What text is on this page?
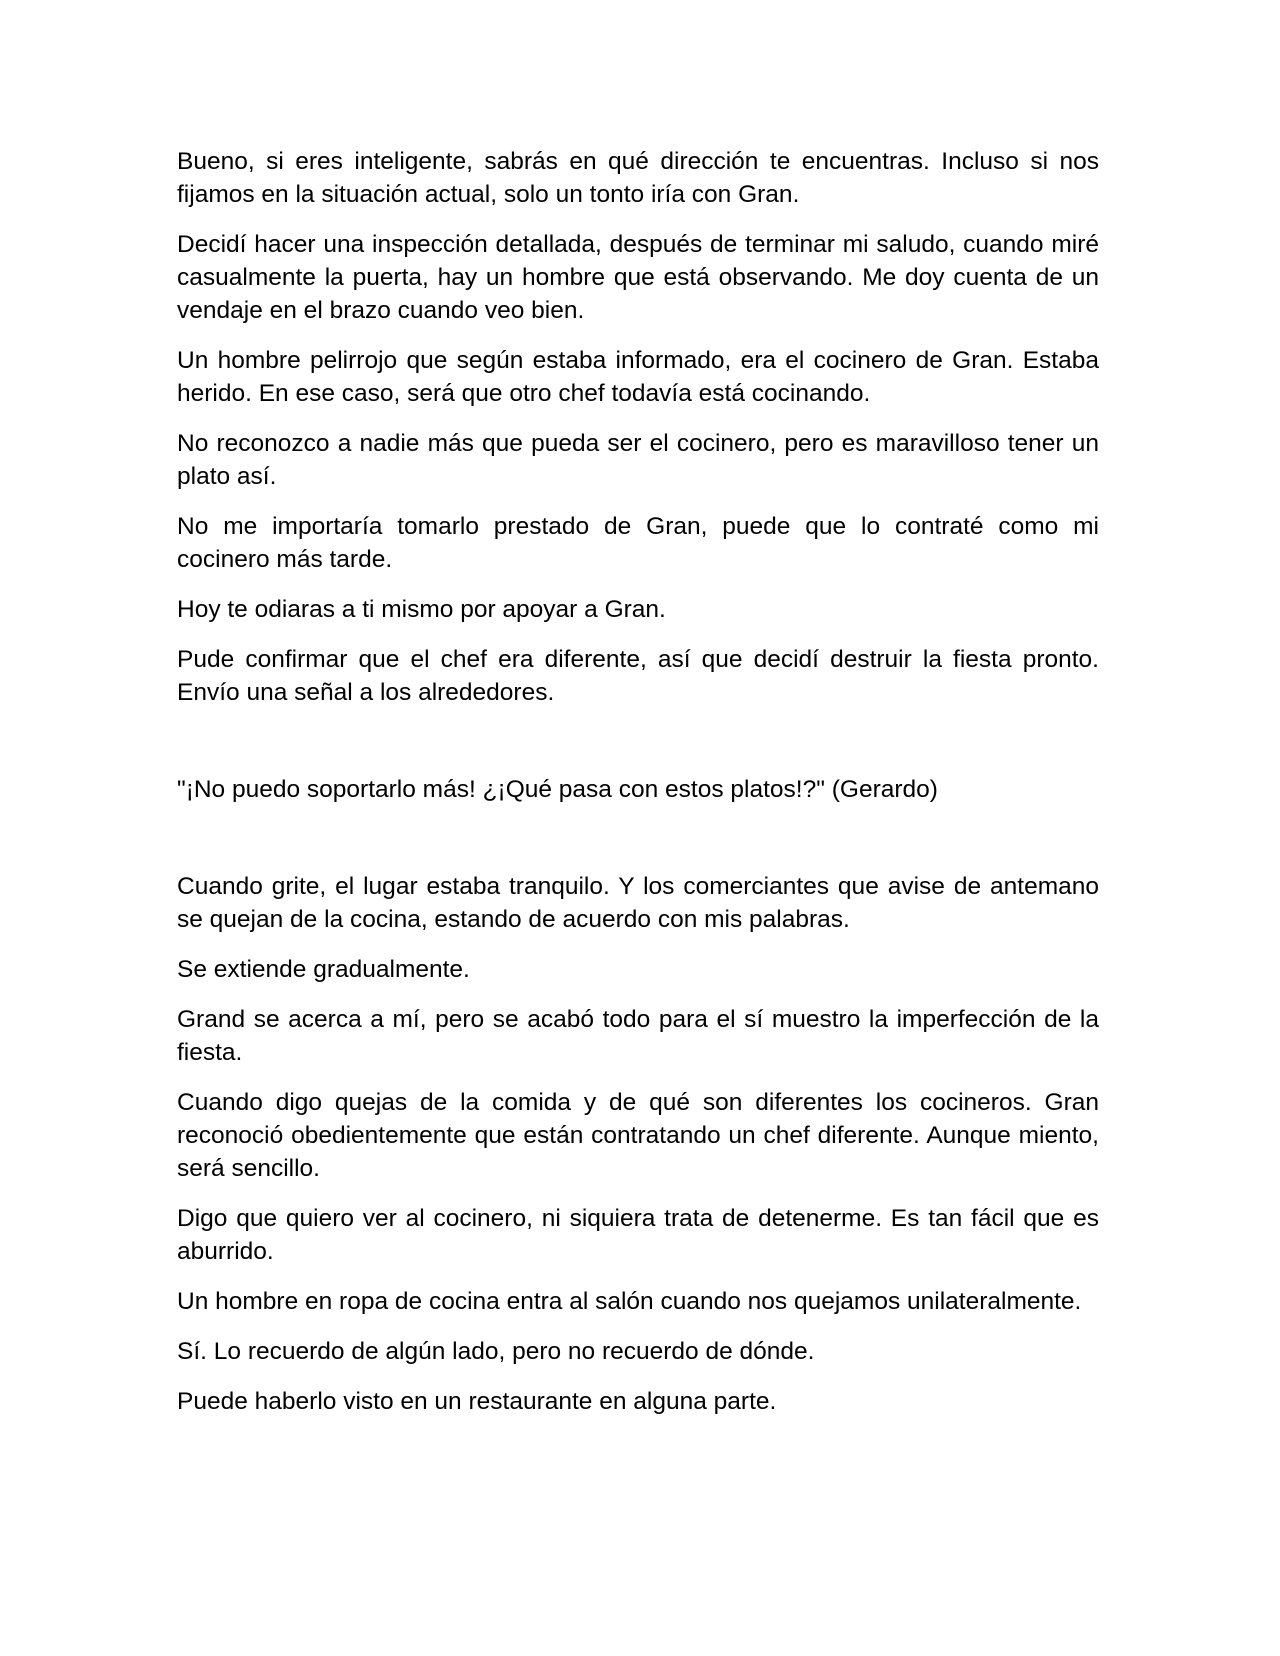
Bueno, si eres inteligente, sabrás en qué dirección te encuentras. Incluso si nos fijamos en la situación actual, solo un tonto iría con Gran.

Decidí hacer una inspección detallada, después de terminar mi saludo, cuando miré casualmente la puerta, hay un hombre que está observando. Me doy cuenta de un vendaje en el brazo cuando veo bien.

Un hombre pelirrojo que según estaba informado, era el cocinero de Gran. Estaba herido. En ese caso, será que otro chef todavía está cocinando.

No reconozco a nadie más que pueda ser el cocinero, pero es maravilloso tener un plato así.

No me importaría tomarlo prestado de Gran, puede que lo contraté como mi cocinero más tarde.

Hoy te odiaras a ti mismo por apoyar a Gran.

Pude confirmar que el chef era diferente, así que decidí destruir la fiesta pronto. Envío una señal a los alrededores.

"¡No puedo soportarlo más! ¿¡Qué pasa con estos platos!?" (Gerardo)

Cuando grite, el lugar estaba tranquilo. Y los comerciantes que avise de antemano se quejan de la cocina, estando de acuerdo con mis palabras.

Se extiende gradualmente.

Grand se acerca a mí, pero se acabó todo para el sí muestro la imperfección de la fiesta.

Cuando digo quejas de la comida y de qué son diferentes los cocineros. Gran reconoció obedientemente que están contratando un chef diferente. Aunque miento, será sencillo.

Digo que quiero ver al cocinero, ni siquiera trata de detenerme. Es tan fácil que es aburrido.

Un hombre en ropa de cocina entra al salón cuando nos quejamos unilateralmente.

Sí. Lo recuerdo de algún lado, pero no recuerdo de dónde.

Puede haberlo visto en un restaurante en alguna parte.
